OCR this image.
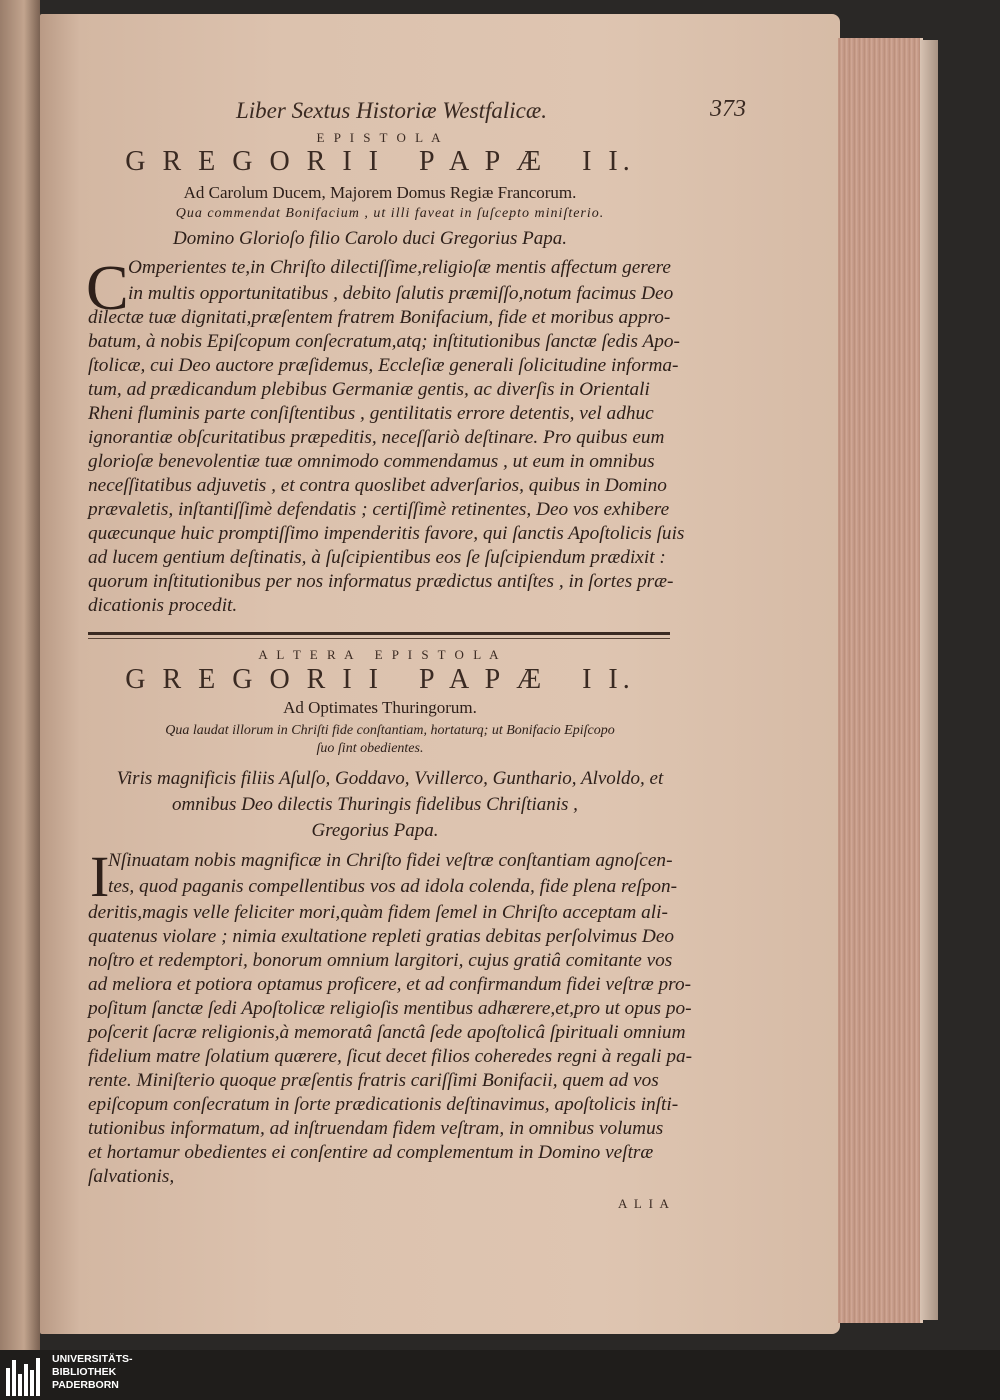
Liber Sextus Historiæ Westfalicæ.	373
E P I S T O L A
G R E G O R I I   P A P Æ   I I.
Ad Carolum Ducem, Majorem Domus Regiæ Francorum.
Qua commendat Bonifacium , ut illi faveat in ſuſcepto miniſterio.
Domino Glorioſo filio Carolo duci Gregorius Papa.
C Omperientes te,in Chriſto dilectiſſime,religioſæ mentis affectum gerere
in multis opportunitatibus , debito ſalutis præmiſſo,notum facimus Deo
dilectæ tuæ dignitati,præſentem fratrem Bonifacium, fide et moribus appro-
batum, à nobis Epiſcopum conſecratum,atq; inſtitutionibus ſanctæ ſedis Apo-
ſtolicæ, cui Deo auctore præſidemus, Eccleſiæ generali ſolicitudine informa-
tum, ad prædicandum plebibus Germaniæ gentis, ac diverſis in Orientali
Rheni fluminis parte conſiſtentibus , gentilitatis errore detentis, vel adhuc
ignorantiæ obſcuritatibus præpeditis, neceſſariò deſtinare. Pro quibus eum
glorioſæ benevolentiæ tuæ omnimodo commendamus , ut eum in omnibus
neceſſitatibus adjuvetis , et contra quoslibet adverſarios, quibus in Domino
prævaletis, inſtantiſſimè defendatis ; certiſſimè retinentes, Deo vos exhibere
quæcunque huic promptiſſimo impenderitis favore, qui ſanctis Apoſtolicis ſuis
ad lucem gentium deſtinatis, à ſuſcipientibus eos ſe ſuſcipiendum prædixit :
quorum inſtitutionibus per nos informatus prædictus antiſtes , in ſortes præ-
dicationis procedit.
A L T E R A   E P I S T O L A
G R E G O R I I   P A P Æ   I I.
Ad Optimates Thuringorum.
Qua laudat illorum in Chriſti fide conſtantiam, hortaturq; ut Bonifacio Epiſcopo
ſuo ſint obedientes.
Viris magnificis filiis Aſulſo, Goddavo, Vvillerco, Gunthario, Alvoldo, et
omnibus Deo dilectis Thuringis fidelibus Chriſtianis ,
Gregorius Papa.
I
Nſinuatam nobis magnificæ in Chriſto fidei veſtræ conſtantiam agnoſcen-
tes, quod paganis compellentibus vos ad idola colenda, fide plena reſpon-
deritis,magis velle feliciter mori,quàm fidem ſemel in Chriſto acceptam ali-
quatenus violare ; nimia exultatione repleti gratias debitas perſolvimus Deo
noſtro et redemptori, bonorum omnium largitori, cujus gratiâ comitante vos
ad meliora et potiora optamus proficere, et ad confirmandum fidei veſtræ pro-
poſitum ſanctæ ſedi Apoſtolicæ religioſis mentibus adhærere,et,pro ut opus po-
poſcerit ſacræ religionis,à memoratâ ſanctâ ſede apoſtolicâ ſpirituali omnium
fidelium matre ſolatium quærere, ſicut decet filios coheredes regni à regali pa-
rente. Miniſterio quoque præſentis fratris cariſſimi Bonifacii, quem ad vos
epiſcopum conſecratum in ſorte prædicationis deſtinavimus, apoſtolicis inſti-
tutionibus informatum, ad inſtruendam fidem veſtram, in omnibus volumus
et hortamur obedientes ei conſentire ad complementum in Domino veſtræ
ſalvationis,
A L I A
UNIVERSITÄTS-
BIBLIOTHEK
PADERBORN
